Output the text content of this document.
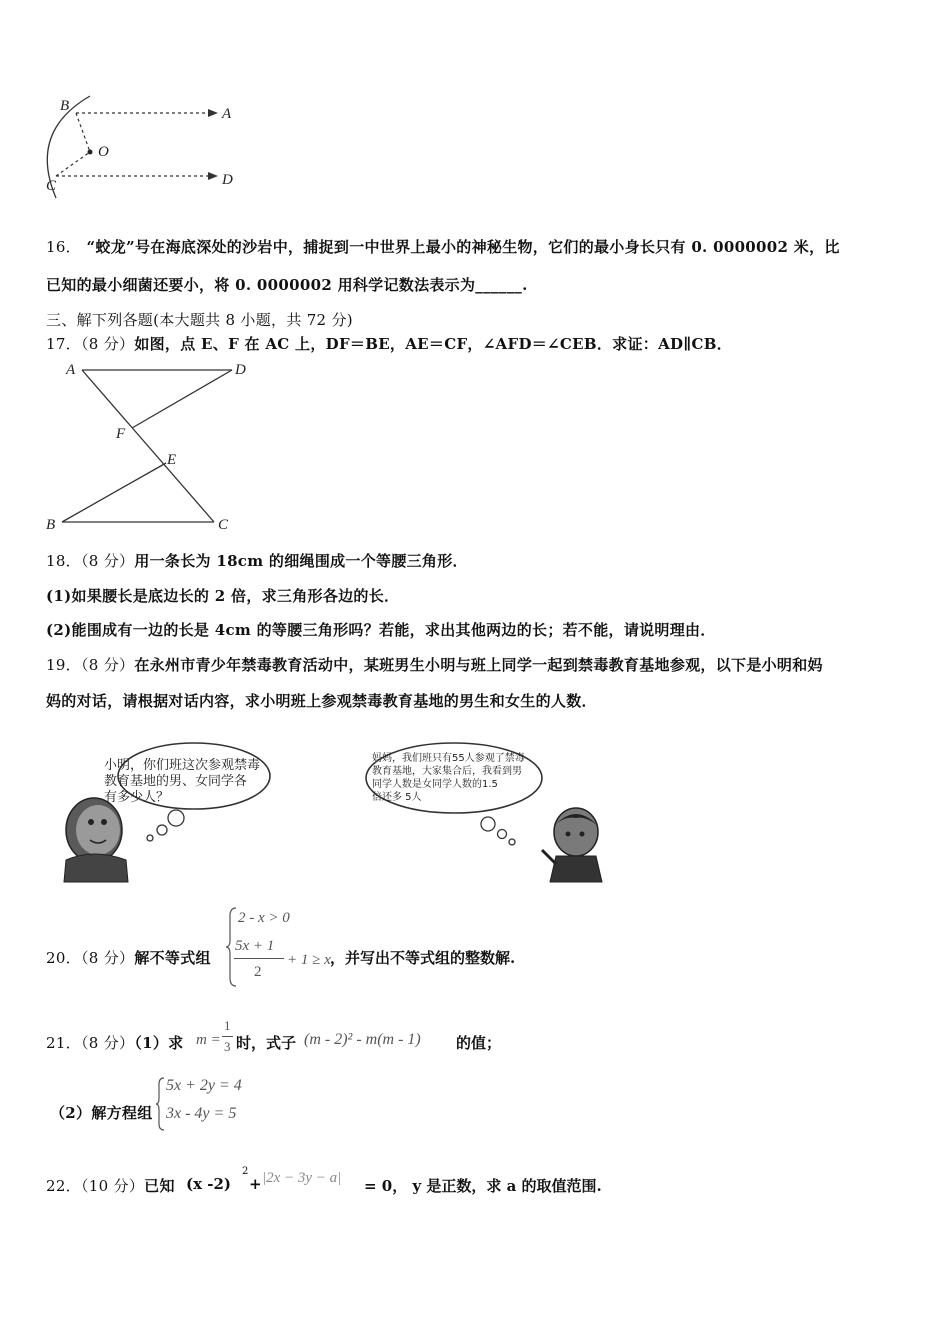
B	A
O
C	D
16． “蛟龙”号在海底深处的沙岩中，捕捉到一中世界上最小的神秘生物，它们的最小身长只有 0. 0000002 米，比
已知的最小细菌还要小，将 0. 0000002 用科学记数法表示为______.
三、解下列各题(本大题共 8 小题，共 72 分)
17．（8 分）如图，点 E、F 在 AC 上，DF＝BE，AE＝CF，∠AFD＝∠CEB．求证：AD∥CB．
A	D
F
E
B	C
18．（8 分）用一条长为 18cm 的细绳围成一个等腰三角形．
(1)如果腰长是底边长的 2 倍，求三角形各边的长．
(2)能围成有一边的长是 4cm 的等腰三角形吗？若能，求出其他两边的长；若不能，请说明理由．
19．（8 分）在永州市青少年禁毒教育活动中，某班男生小明与班上同学一起到禁毒教育基地参观，以下是小明和妈
妈的对话，请根据对话内容，求小明班上参观禁毒教育基地的男生和女生的人数．
小明，你们班这次参观禁毒
教育基地的男、女同学各
有多少人？
妈妈，我们班只有55人参观了禁毒
教育基地，大家集合后，我看到男
同学人数是女同学人数的1.5
倍还多 5人
20．（8 分）解不等式组
2 - x > 0
5x + 1
2
+ 1 ≥ x ，并写出不等式组的整数解.
21．（8 分）（1）求 m =
1
3 时，式子 (m - 2)² - m(m - 1) 的值；
（2）解方程组
5x + 2y = 4
3x - 4y = 5
22．（10 分）已知 (x -2)
2
+ |2x − 3y − a| = 0， y 是正数，求 a 的取值范围.
